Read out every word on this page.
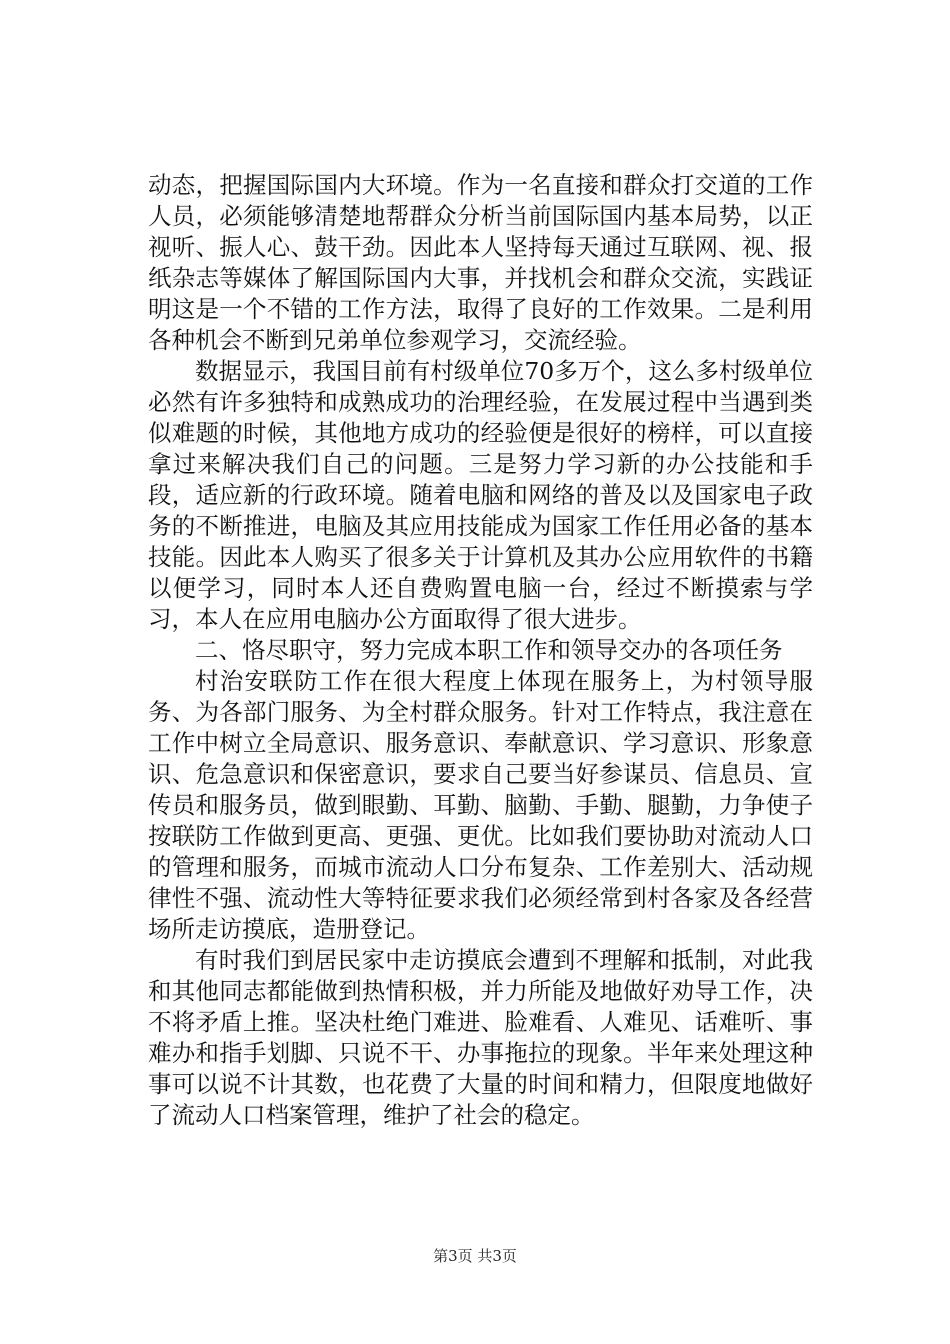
动态，把握国际国内大环境。作为一名直接和群众打交道的工作人员，必须能够清楚地帮群众分析当前国际国内基本局势，以正视听、振人心、鼓干劲。因此本人坚持每天通过互联网、视、报纸杂志等媒体了解国际国内大事，并找机会和群众交流，实践证明这是一个不错的工作方法，取得了良好的工作效果。二是利用各种机会不断到兄弟单位参观学习，交流经验。

数据显示，我国目前有村级单位70多万个，这么多村级单位必然有许多独特和成熟成功的治理经验，在发展过程中当遇到类似难题的时候，其他地方成功的经验便是很好的榜样，可以直接拿过来解决我们自己的问题。三是努力学习新的办公技能和手段，适应新的行政环境。随着电脑和网络的普及以及国家电子政务的不断推进，电脑及其应用技能成为国家工作任用必备的基本技能。因此本人购买了很多关于计算机及其办公应用软件的书籍以便学习，同时本人还自费购置电脑一台，经过不断摸索与学习，本人在应用电脑办公方面取得了很大进步。

二、恪尽职守，努力完成本职工作和领导交办的各项任务

村治安联防工作在很大程度上体现在服务上，为村领导服务、为各部门服务、为全村群众服务。针对工作特点，我注意在工作中树立全局意识、服务意识、奉献意识、学习意识、形象意识、危急意识和保密意识，要求自己要当好参谋员、信息员、宣传员和服务员，做到眼勤、耳勤、脑勤、手勤、腿勤，力争使子按联防工作做到更高、更强、更优。比如我们要协助对流动人口的管理和服务，而城市流动人口分布复杂、工作差别大、活动规律性不强、流动性大等特征要求我们必须经常到村各家及各经营场所走访摸底，造册登记。

有时我们到居民家中走访摸底会遭到不理解和抵制，对此我和其他同志都能做到热情积极，并力所能及地做好劝导工作，决不将矛盾上推。坚决杜绝门难进、脸难看、人难见、话难听、事难办和指手划脚、只说不干、办事拖拉的现象。半年来处理这种事可以说不计其数，也花费了大量的时间和精力，但限度地做好了流动人口档案管理，维护了社会的稳定。

第3页 共3页
